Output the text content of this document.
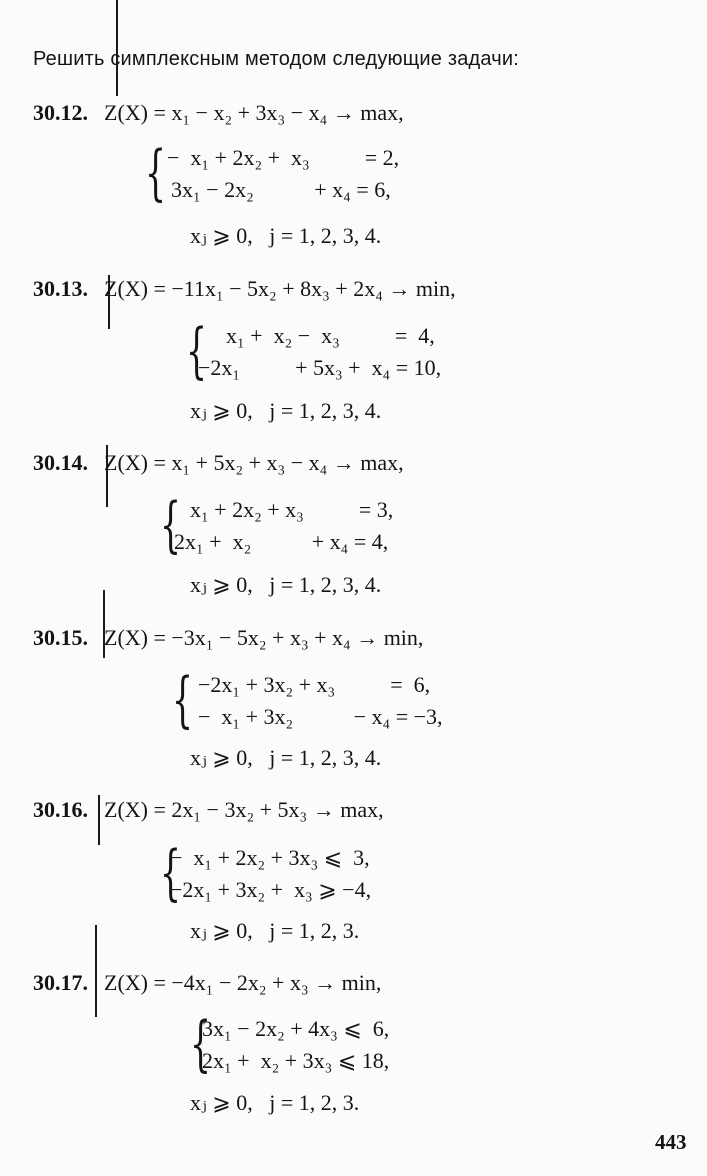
Решить симплексным методом следующие задачи:
30.12. Z(X) = x₁ − x₂ + 3x₃ − x₄ → max,
{ −  x₁ + 2x₂ +  x₃          = 2,
3x₁ − 2x₂           + x₄ = 6,
xⱼ ⩾ 0,   j = 1, 2, 3, 4.
30.13. Z(X) = −11x₁ − 5x₂ + 8x₃ + 2x₄ → min,
{ x₁ +  x₂ −  x₃          =  4,
−2x₁          + 5x₃ +  x₄ = 10,
xⱼ ⩾ 0,   j = 1, 2, 3, 4.
30.14. Z(X) = x₁ + 5x₂ + x₃ − x₄ → max,
{ x₁ + 2x₂ + x₃          = 3,
2x₁ +  x₂           + x₄ = 4,
xⱼ ⩾ 0,   j = 1, 2, 3, 4.
30.15. Z(X) = −3x₁ − 5x₂ + x₃ + x₄ → min,
{ −2x₁ + 3x₂ + x₃          =  6,
−  x₁ + 3x₂           − x₄ = −3,
xⱼ ⩾ 0,   j = 1, 2, 3, 4.
30.16. Z(X) = 2x₁ − 3x₂ + 5x₃ → max,
{
−  x₁ + 2x₂ + 3x₃ ⩽  3,
−2x₁ + 3x₂ +  x₃ ⩾ −4,
xⱼ ⩾ 0,   j = 1, 2, 3.
30.17. Z(X) = −4x₁ − 2x₂ + x₃ → min,
{
3x₁ − 2x₂ + 4x₃ ⩽  6,
2x₁ +  x₂ + 3x₃ ⩽ 18,
xⱼ ⩾ 0,   j = 1, 2, 3.
443
